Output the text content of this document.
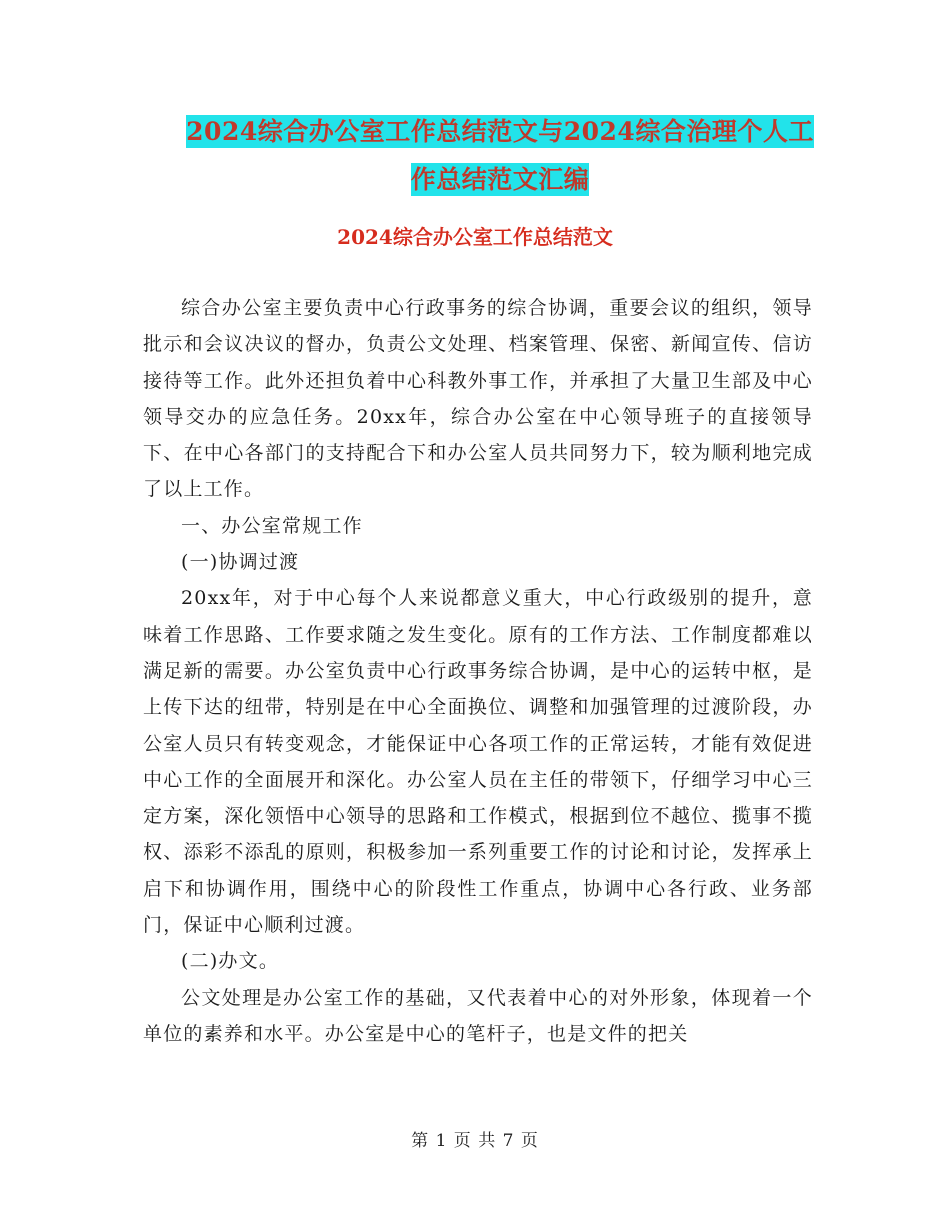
2024综合办公室工作总结范文与2024综合治理个人工
作总结范文汇编
2024综合办公室工作总结范文

综合办公室主要负责中心行政事务的综合协调，重要会议的组织，领导批示和会议决议的督办，负责公文处理、档案管理、保密、新闻宣传、信访接待等工作。此外还担负着中心科教外事工作，并承担了大量卫生部及中心领导交办的应急任务。20xx年，综合办公室在中心领导班子的直接领导下、在中心各部门的支持配合下和办公室人员共同努力下，较为顺利地完成了以上工作。

一、办公室常规工作

(一)协调过渡

20xx年，对于中心每个人来说都意义重大，中心行政级别的提升，意味着工作思路、工作要求随之发生变化。原有的工作方法、工作制度都难以满足新的需要。办公室负责中心行政事务综合协调，是中心的运转中枢，是上传下达的纽带，特别是在中心全面换位、调整和加强管理的过渡阶段，办公室人员只有转变观念，才能保证中心各项工作的正常运转，才能有效促进中心工作的全面展开和深化。办公室人员在主任的带领下，仔细学习中心三定方案，深化领悟中心领导的思路和工作模式，根据到位不越位、揽事不揽权、添彩不添乱的原则，积极参加一系列重要工作的讨论和讨论，发挥承上启下和协调作用，围绕中心的阶段性工作重点，协调中心各行政、业务部门，保证中心顺利过渡。

(二)办文。

公文处理是办公室工作的基础，又代表着中心的对外形象，体现着一个单位的素养和水平。办公室是中心的笔杆子，也是文件的把关

第 1 页 共 7 页
